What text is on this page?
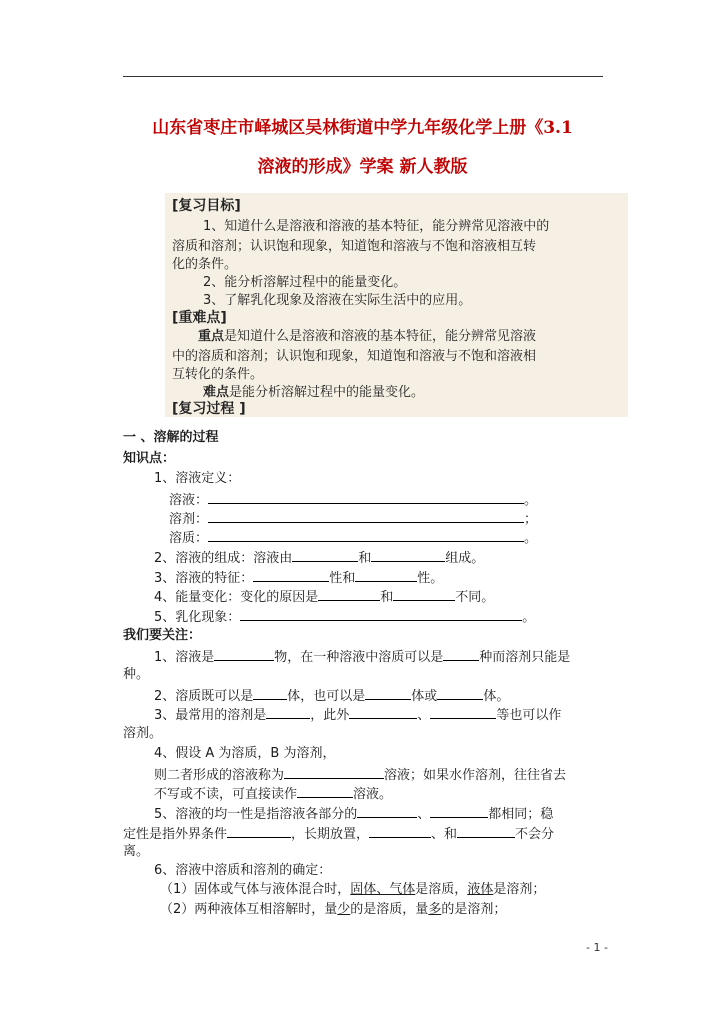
山东省枣庄市峄城区吴林街道中学九年级化学上册《3.1
溶液的形成》学案 新人教版
[复习目标]
1、知道什么是溶液和溶液的基本特征，能分辨常见溶液中的
溶质和溶剂；认识饱和现象，知道饱和溶液与不饱和溶液相互转
化的条件。
2、能分析溶解过程中的能量变化。
3、了解乳化现象及溶液在实际生活中的应用。
[重难点]
重点是知道什么是溶液和溶液的基本特征，能分辨常见溶液
中的溶质和溶剂；认识饱和现象，知道饱和溶液与不饱和溶液相
互转化的条件。
难点是能分析溶解过程中的能量变化。
[复习过程 ]
一 、溶解的过程
知识点：
1、溶液定义：
溶液：	。
溶剂：	；
溶质：	。
2、溶液的组成：溶液由	和	组成。
3、溶液的特征：	性和	性。
4、能量变化：变化的原因是	和	不同。
5、乳化现象：	。
我们要关注：
1、溶液是	物，在一种溶液中溶质可以是	种而溶剂只能是
种。
2、溶质既可以是	体，也可以是	体或	体。
3、最常用的溶剂是	，此外	、	等也可以作
溶剂。
4、假设 A 为溶质，B 为溶剂，
则二者形成的溶液称为	溶液；如果水作溶剂，往往省去
不写或不读，可直接读作	溶液。
5、溶液的均一性是指溶液各部分的	、	都相同；稳
定性是指外界条件	，长期放置，	、和	不会分
离。
6、溶液中溶质和溶剂的确定：
（1）固体或气体与液体混合时，固体、气体是溶质，液体是溶剂；
（2）两种液体互相溶解时，量少的是溶质，量多的是溶剂；
- 1 -
